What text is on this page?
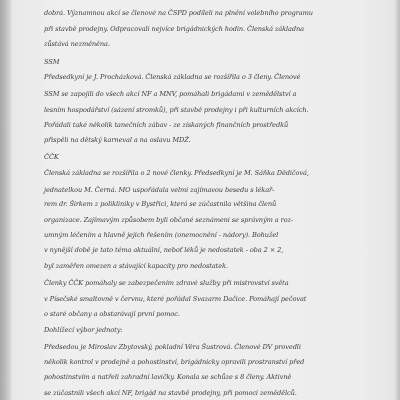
dobrá. Významnou akcí se členové na ČSPD podíleli na plnění volebního programu
při stavbě prodejny. Odpracovali nejvíce brigádnických hodin. Členská základna
zůstává nezměněna.
SSM
Předsedkyní je J. Procházková. Členská základna se rozšířila o 3 členy. Členové
SSM se zapojili do všech akcí NF a MNV, pomáhali brigádami v zemědělství a
lesním hospodářství (sázení stromků), při stavbě prodejny i při kulturních akcích.
Pořádali také několik tanečních zábav - ze získaných finančních prostředků
přispěli na dětský karneval a na oslavu MDŽ.
ČČK
Členská základna se rozšířila o 2 nové členky. Předsedkyní je M. Sáňka Dědičová,
jednatelkou M. Černá. MO uspořádala velmi zajímavou besedu s lékař-
rem dr. Širkem z polikliniky v Bystřici, která se zúčastnila většina členů
organizace. Zajímavým způsobem byli občané seznámeni se správným a roz-
umným léčením a hlavně jejich řešením (onemocnění - nádory). Bohužel
v nynější době je tato téma aktuální, neboť léků je nedostatek - oba 2 × 2,
byl zaměřen omezen a stávající kapacity pro nedostatek.
Členky ČČK pomáhaly se zabezpečením zdravé služby při mistrovství světa
v Písečské smaltovně v červnu, které pořádal Svazarm Dačice. Pomáhají pečovat
o staré občany a obstarávají první pomoc.
Dohlížecí výbor jednoty:
Předsedou je Miroslav Zbytovský, pokladní Věra Šustrová. Členové DV provedli
několik kontrol v prodejně a pohostinství, brigádnicky opravili prostranství před
pohostinstvím a natřeli zahradní lavičky. Konala se schůze s 8 členy. Aktivně
se zúčastnili všech akcí NF, brigád na stavbě prodejny, při pomoci zemědělců.
